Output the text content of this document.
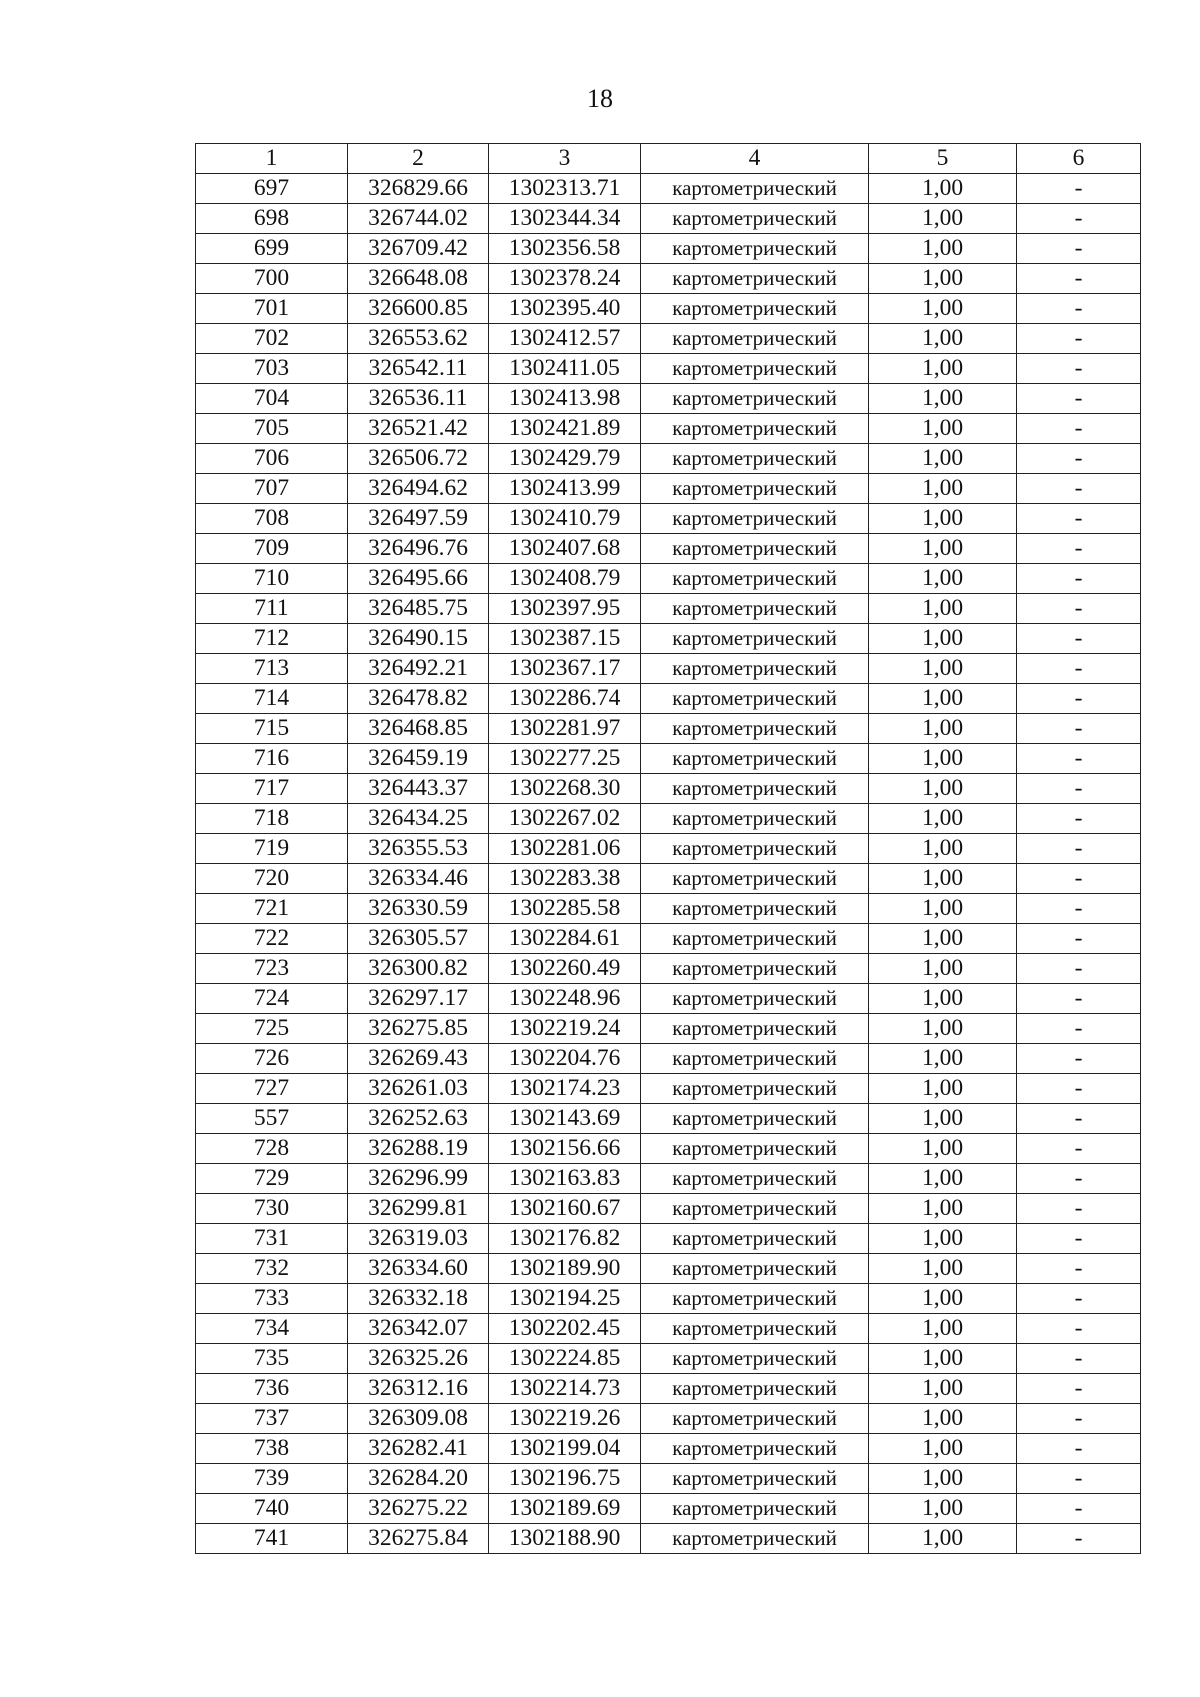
18
1	2	3	4	5	6
697	326829.66	1302313.71	картометрический	1,00	-
698	326744.02	1302344.34	картометрический	1,00	-
699	326709.42	1302356.58	картометрический	1,00	-
700	326648.08	1302378.24	картометрический	1,00	-
701	326600.85	1302395.40	картометрический	1,00	-
702	326553.62	1302412.57	картометрический	1,00	-
703	326542.11	1302411.05	картометрический	1,00	-
704	326536.11	1302413.98	картометрический	1,00	-
705	326521.42	1302421.89	картометрический	1,00	-
706	326506.72	1302429.79	картометрический	1,00	-
707	326494.62	1302413.99	картометрический	1,00	-
708	326497.59	1302410.79	картометрический	1,00	-
709	326496.76	1302407.68	картометрический	1,00	-
710	326495.66	1302408.79	картометрический	1,00	-
711	326485.75	1302397.95	картометрический	1,00	-
712	326490.15	1302387.15	картометрический	1,00	-
713	326492.21	1302367.17	картометрический	1,00	-
714	326478.82	1302286.74	картометрический	1,00	-
715	326468.85	1302281.97	картометрический	1,00	-
716	326459.19	1302277.25	картометрический	1,00	-
717	326443.37	1302268.30	картометрический	1,00	-
718	326434.25	1302267.02	картометрический	1,00	-
719	326355.53	1302281.06	картометрический	1,00	-
720	326334.46	1302283.38	картометрический	1,00	-
721	326330.59	1302285.58	картометрический	1,00	-
722	326305.57	1302284.61	картометрический	1,00	-
723	326300.82	1302260.49	картометрический	1,00	-
724	326297.17	1302248.96	картометрический	1,00	-
725	326275.85	1302219.24	картометрический	1,00	-
726	326269.43	1302204.76	картометрический	1,00	-
727	326261.03	1302174.23	картометрический	1,00	-
557	326252.63	1302143.69	картометрический	1,00	-
728	326288.19	1302156.66	картометрический	1,00	-
729	326296.99	1302163.83	картометрический	1,00	-
730	326299.81	1302160.67	картометрический	1,00	-
731	326319.03	1302176.82	картометрический	1,00	-
732	326334.60	1302189.90	картометрический	1,00	-
733	326332.18	1302194.25	картометрический	1,00	-
734	326342.07	1302202.45	картометрический	1,00	-
735	326325.26	1302224.85	картометрический	1,00	-
736	326312.16	1302214.73	картометрический	1,00	-
737	326309.08	1302219.26	картометрический	1,00	-
738	326282.41	1302199.04	картометрический	1,00	-
739	326284.20	1302196.75	картометрический	1,00	-
740	326275.22	1302189.69	картометрический	1,00	-
741	326275.84	1302188.90	картометрический	1,00	-
